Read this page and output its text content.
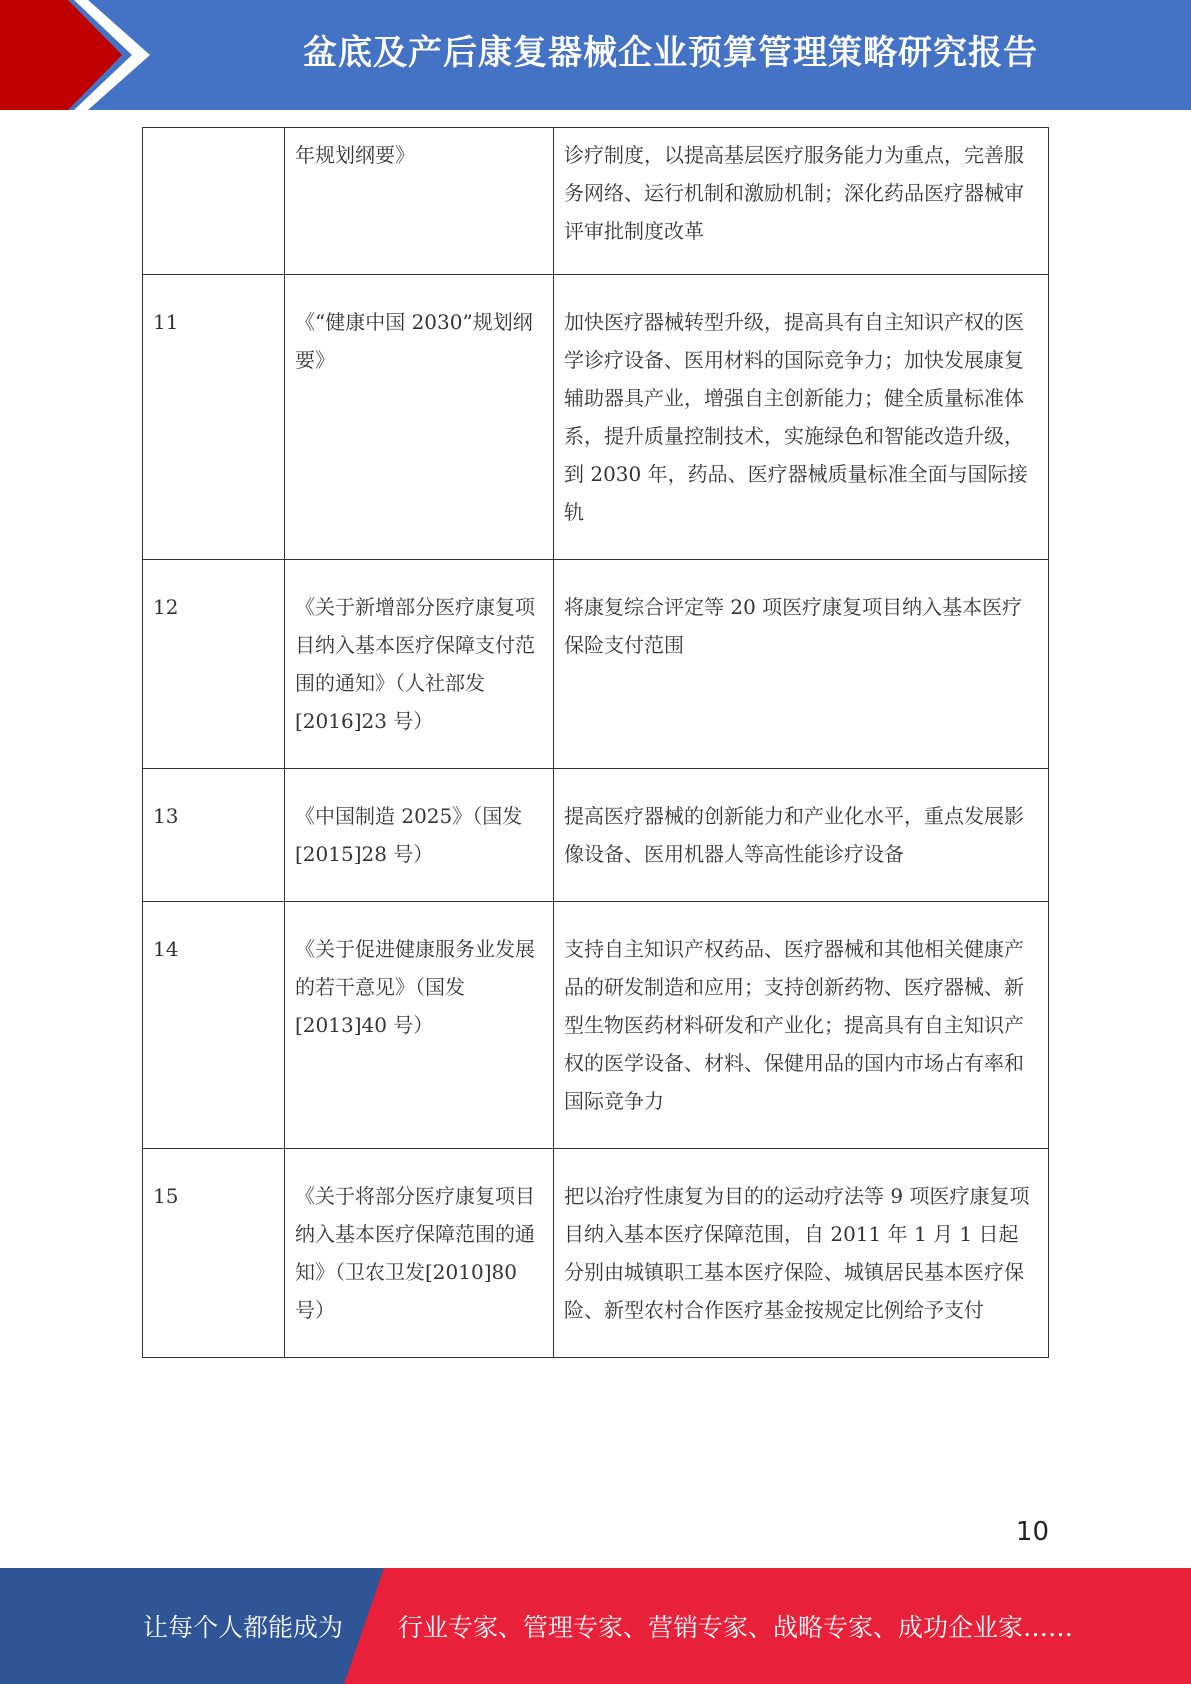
盆底及产后康复器械企业预算管理策略研究报告

	年规划纲要》	诊疗制度，以提高基层医疗服务能力为重点，完善服务网络、运行机制和激励机制；深化药品医疗器械审评审批制度改革

11	《“健康中国 2030”规划纲要》	加快医疗器械转型升级，提高具有自主知识产权的医学诊疗设备、医用材料的国际竞争力；加快发展康复辅助器具产业，增强自主创新能力；健全质量标准体系，提升质量控制技术，实施绿色和智能改造升级，到 2030 年，药品、医疗器械质量标准全面与国际接轨

12	《关于新增部分医疗康复项目纳入基本医疗保障支付范围的通知》（人社部发[2016]23 号）	将康复综合评定等 20 项医疗康复项目纳入基本医疗保险支付范围

13	《中国制造 2025》（国发[2015]28 号）	提高医疗器械的创新能力和产业化水平，重点发展影像设备、医用机器人等高性能诊疗设备

14	《关于促进健康服务业发展的若干意见》（国发[2013]40 号）	支持自主知识产权药品、医疗器械和其他相关健康产品的研发制造和应用；支持创新药物、医疗器械、新型生物医药材料研发和产业化；提高具有自主知识产权的医学设备、材料、保健用品的国内市场占有率和国际竞争力

15	《关于将部分医疗康复项目纳入基本医疗保障范围的通知》（卫农卫发[2010]80 号）	把以治疗性康复为目的的运动疗法等 9 项医疗康复项目纳入基本医疗保障范围，自 2011 年 1 月 1 日起分别由城镇职工基本医疗保险、城镇居民基本医疗保险、新型农村合作医疗基金按规定比例给予支付
10
让每个人都能成为 行业专家、管理专家、营销专家、战略专家、成功企业家……
